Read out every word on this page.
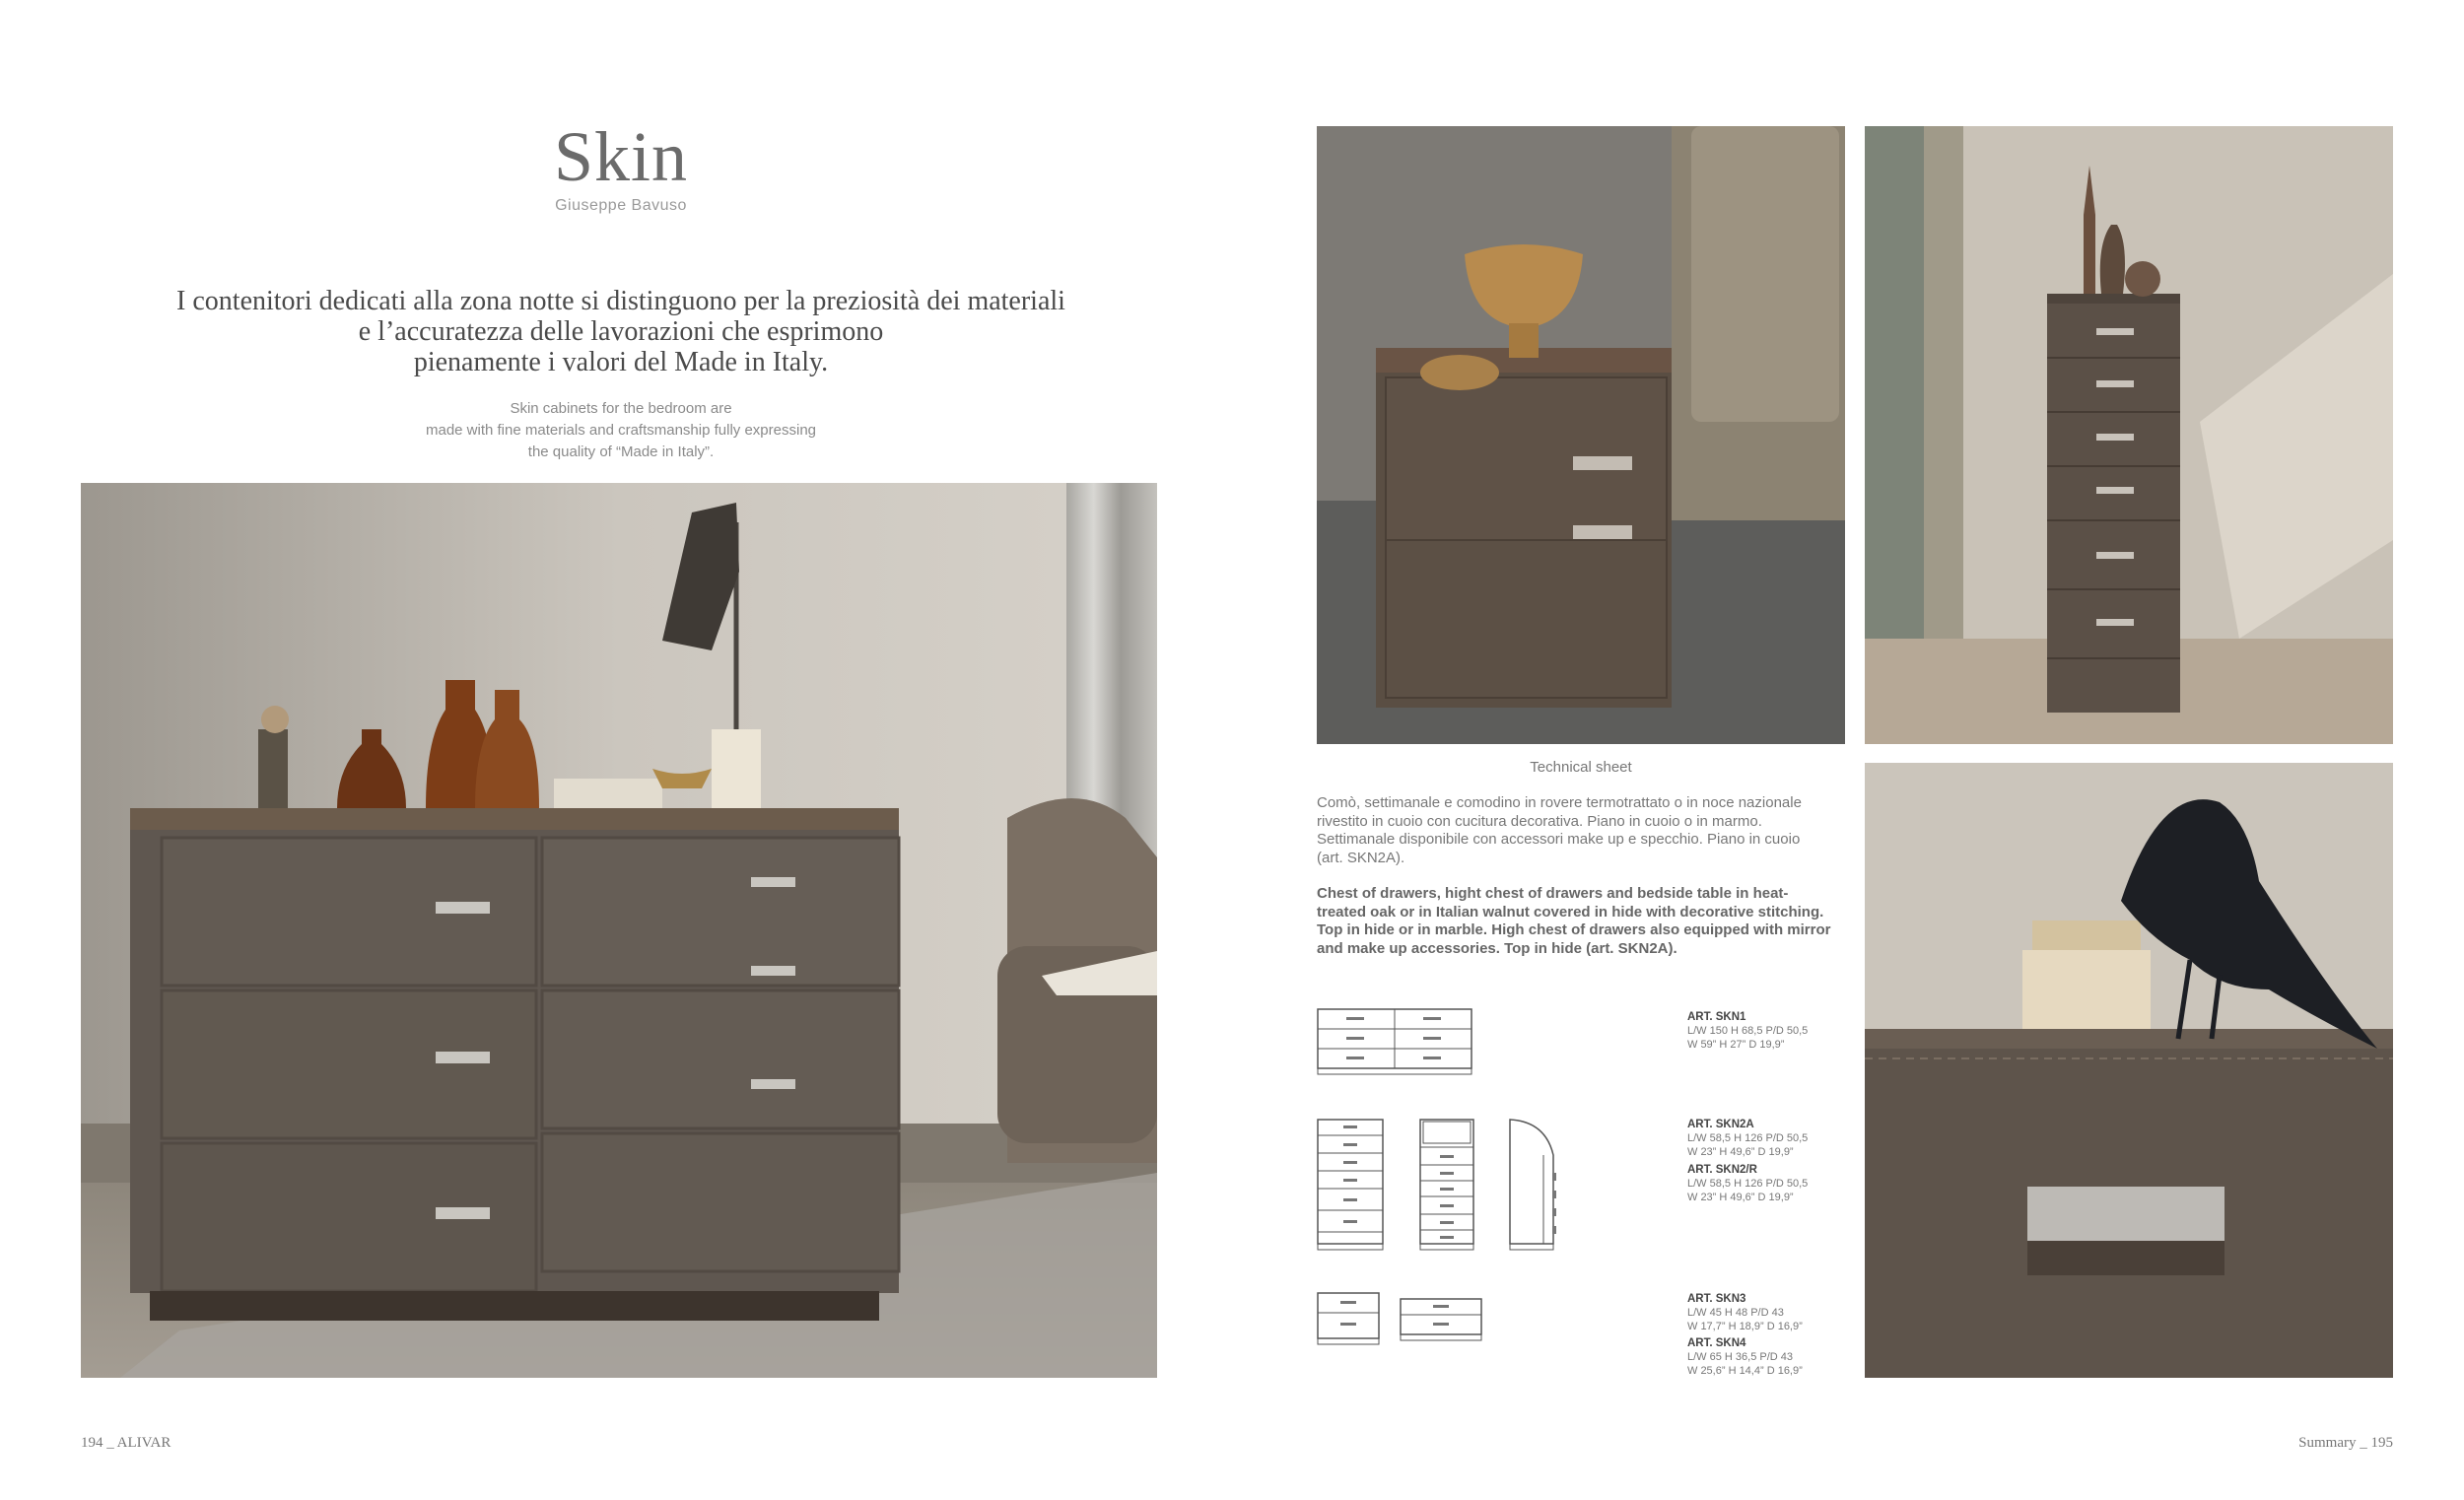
Skin
Giuseppe Bavuso
I contenitori dedicati alla zona notte si distinguono per la preziosità dei materiali
e l’accuratezza delle lavorazioni che esprimono
pienamente i valori del Made in Italy.
Skin cabinets for the bedroom are
made with fine materials and craftsmanship fully expressing
the quality of “Made in Italy”.
Technical sheet
Comò, settimanale e comodino in rovere termotrattato o in noce nazionale
rivestito in cuoio con cucitura decorativa. Piano in cuoio o in marmo.
Settimanale disponibile con accessori make up e specchio. Piano in cuoio
(art. SKN2A).
Chest of drawers, hight chest of drawers and bedside table in heat-
treated oak or in Italian walnut covered in hide with decorative stitching.
Top in hide or in marble. High chest of drawers also equipped with mirror
and make up accessories. Top in hide (art. SKN2A).
ART. SKN1
L/W 150 H 68,5 P/D 50,5
W 59” H 27” D 19,9”
ART. SKN2A
L/W 58,5 H 126 P/D 50,5
W 23” H 49,6” D 19,9”
ART. SKN2/R
L/W 58,5 H 126 P/D 50,5
W 23” H 49,6” D 19,9”
ART. SKN3
L/W 45 H 48 P/D 43
W 17,7” H 18,9” D 16,9”
ART. SKN4
L/W 65 H 36,5 P/D 43
W 25,6” H 14,4” D 16,9”
194 _ ALIVAR	Summary _ 195
